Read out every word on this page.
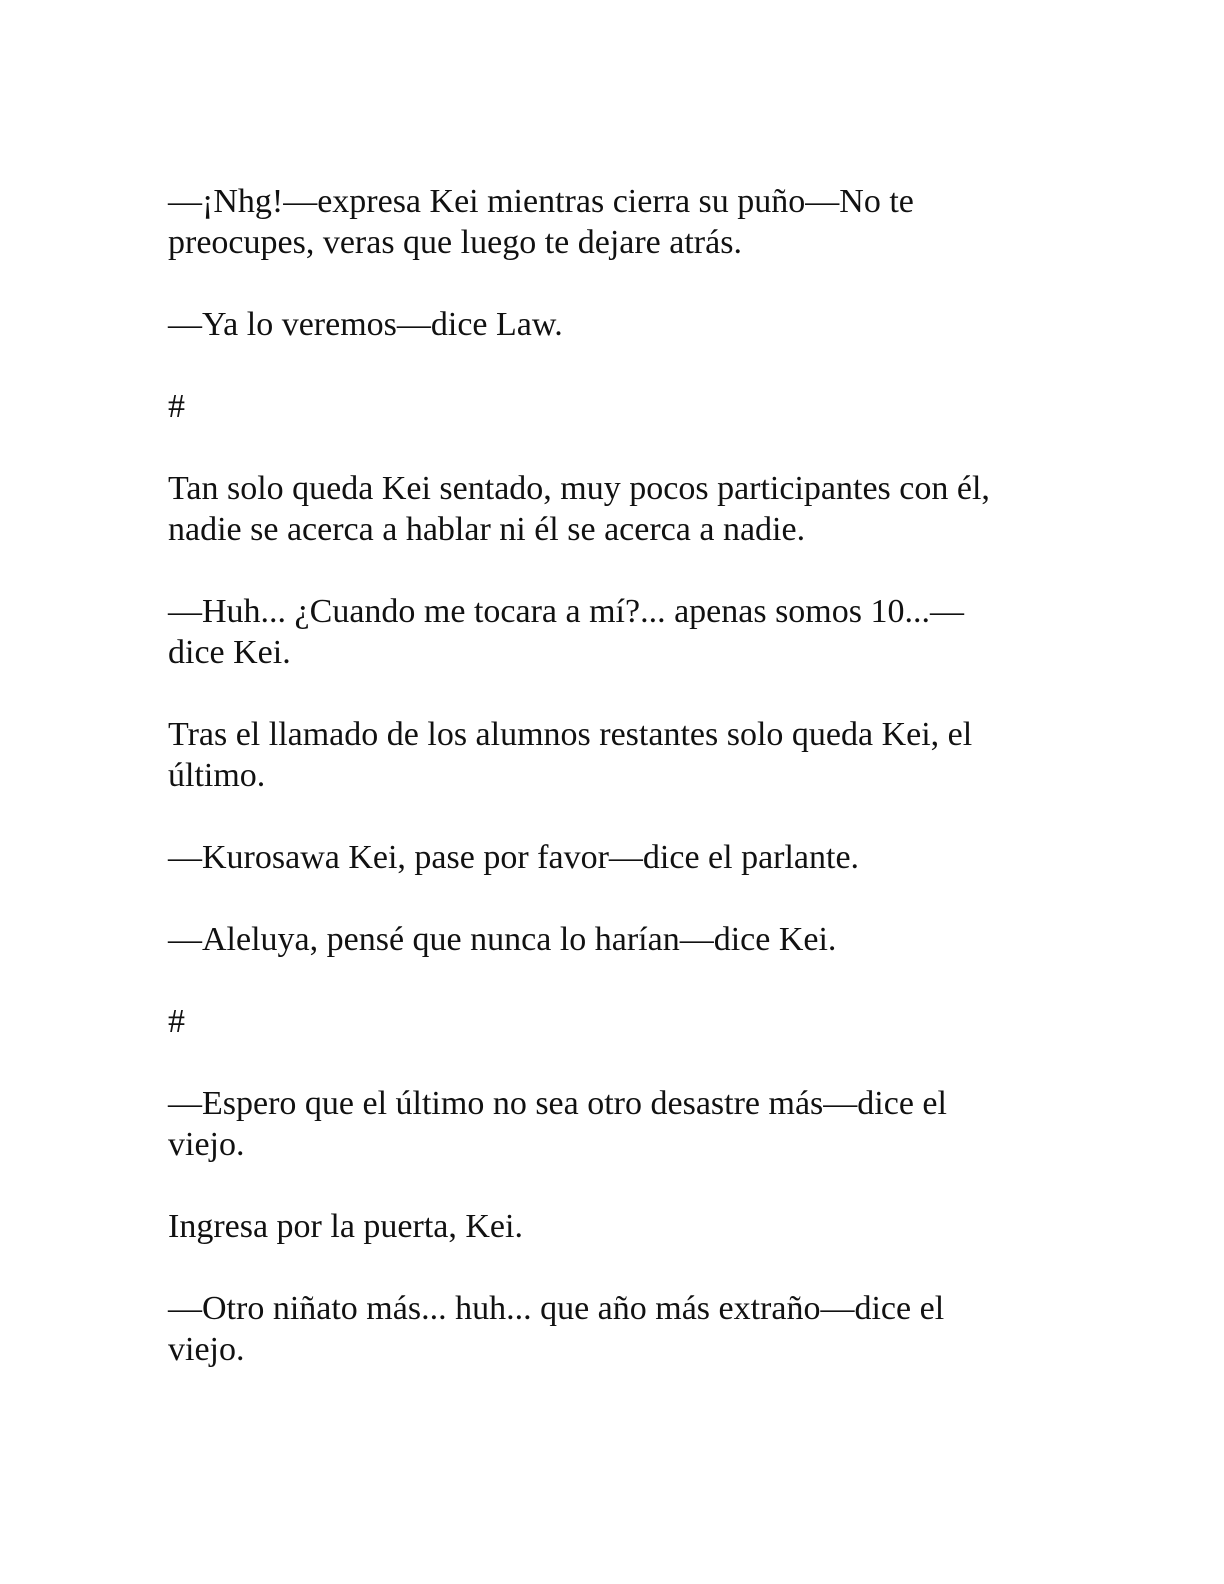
—¡Nhg!—expresa Kei mientras cierra su puño—No te
preocupes, veras que luego te dejare atrás.

—Ya lo veremos—dice Law.

#

Tan solo queda Kei sentado, muy pocos participantes con él,
nadie se acerca a hablar ni él se acerca a nadie.

—Huh... ¿Cuando me tocara a mí?... apenas somos 10...—
dice Kei.

Tras el llamado de los alumnos restantes solo queda Kei, el
último.

—Kurosawa Kei, pase por favor—dice el parlante.

—Aleluya, pensé que nunca lo harían—dice Kei.

#

—Espero que el último no sea otro desastre más—dice el
viejo.

Ingresa por la puerta, Kei.

—Otro niñato más... huh... que año más extraño—dice el
viejo.
